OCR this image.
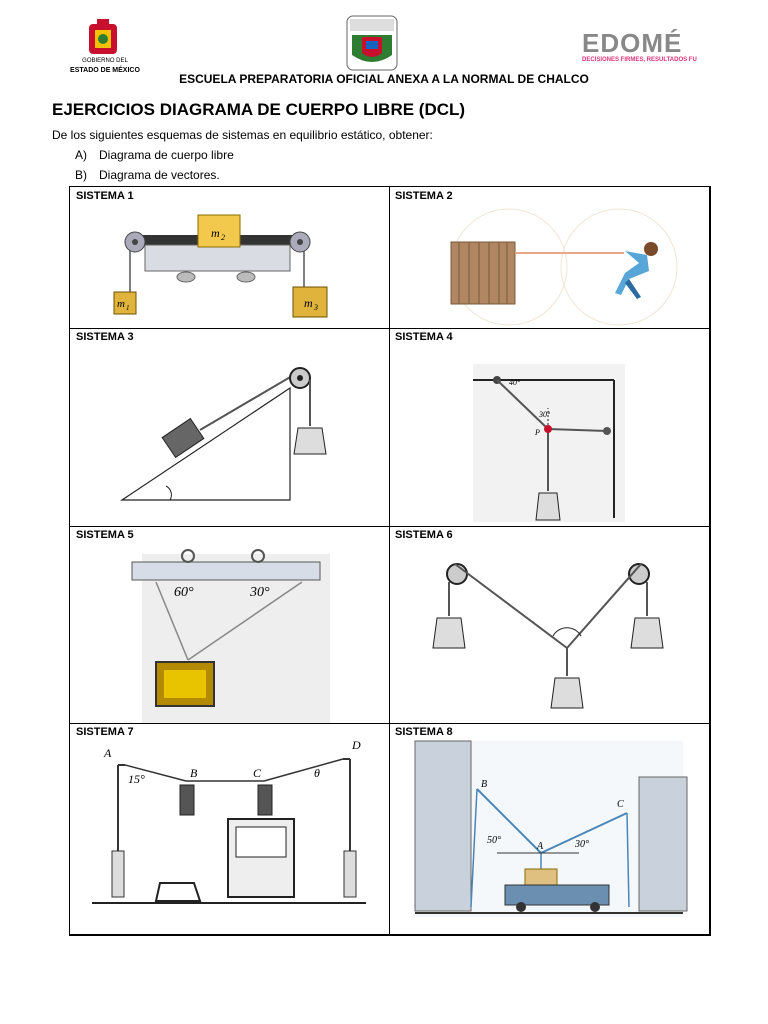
GOBIERNO DEL
ESTADO DE MÉXICO
EDOMÉ
DECISIONES FIRMES, RESULTADOS FU
ESCUELA PREPARATORIA OFICIAL ANEXA A LA NORMAL DE CHALCO
EJERCICIOS DIAGRAMA DE CUERPO LIBRE (DCL)
De los siguientes esquemas de sistemas en equilibrio estático, obtener:
A) Diagrama de cuerpo libre
B) Diagrama de vectores.
SISTEMA 1
m 2
m 1	m 3
SISTEMA 2
SISTEMA 3	SISTEMA 4
40°
30°
P
SISTEMA 5
60°	30°
SISTEMA 6
SISTEMA 7
A
B	C
D
15°	θ
SISTEMA 8
B
C
A
50°	30°
